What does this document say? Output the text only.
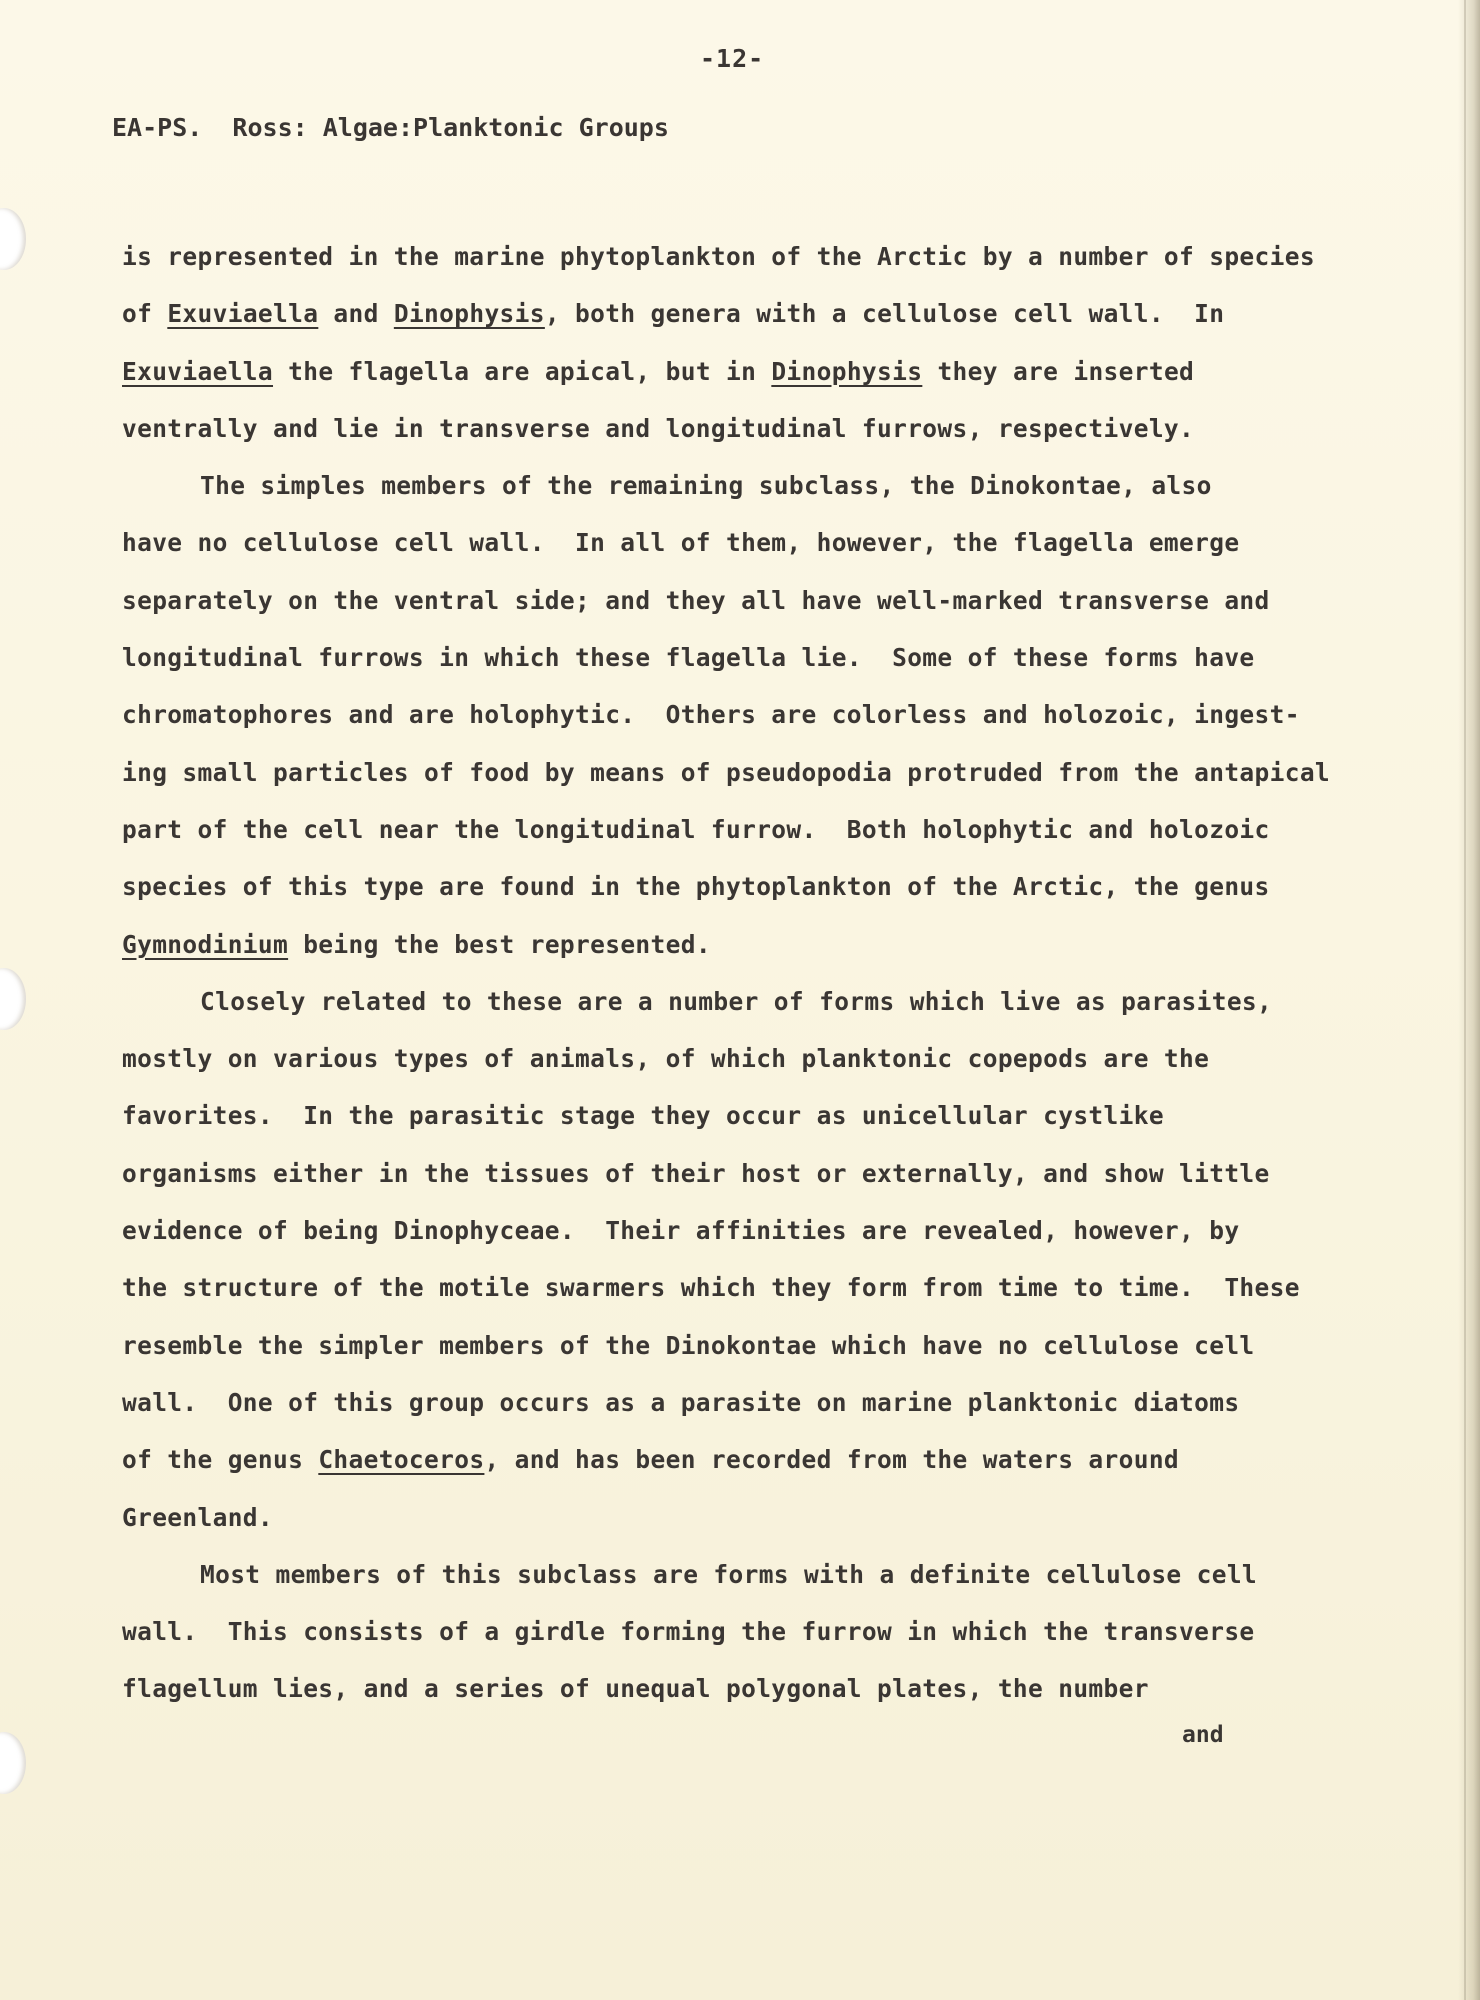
-12-
EA-PS.  Ross: Algae:Planktonic Groups
is represented in the marine phytoplankton of the Arctic by a number of species
of Exuviaella and Dinophysis, both genera with a cellulose cell wall.  In
Exuviaella the flagella are apical, but in Dinophysis they are inserted
ventrally and lie in transverse and longitudinal furrows, respectively.
The simples members of the remaining subclass, the Dinokontae, also
have no cellulose cell wall.  In all of them, however, the flagella emerge
separately on the ventral side; and they all have well-marked transverse and
longitudinal furrows in which these flagella lie.  Some of these forms have
chromatophores and are holophytic.  Others are colorless and holozoic, ingest-
ing small particles of food by means of pseudopodia protruded from the antapical
part of the cell near the longitudinal furrow.  Both holophytic and holozoic
species of this type are found in the phytoplankton of the Arctic, the genus
Gymnodinium being the best represented.
Closely related to these are a number of forms which live as parasites,
mostly on various types of animals, of which planktonic copepods are the
favorites.  In the parasitic stage they occur as unicellular cystlike
organisms either in the tissues of their host or externally, and show little
evidence of being Dinophyceae.  Their affinities are revealed, however, by
the structure of the motile swarmers which they form from time to time.  These
resemble the simpler members of the Dinokontae which have no cellulose cell
wall.  One of this group occurs as a parasite on marine planktonic diatoms
of the genus Chaetoceros, and has been recorded from the waters around
Greenland.
Most members of this subclass are forms with a definite cellulose cell
wall.  This consists of a girdle forming the furrow in which the transverse
flagellum lies, and a series of unequal polygonal plates, the number
and
